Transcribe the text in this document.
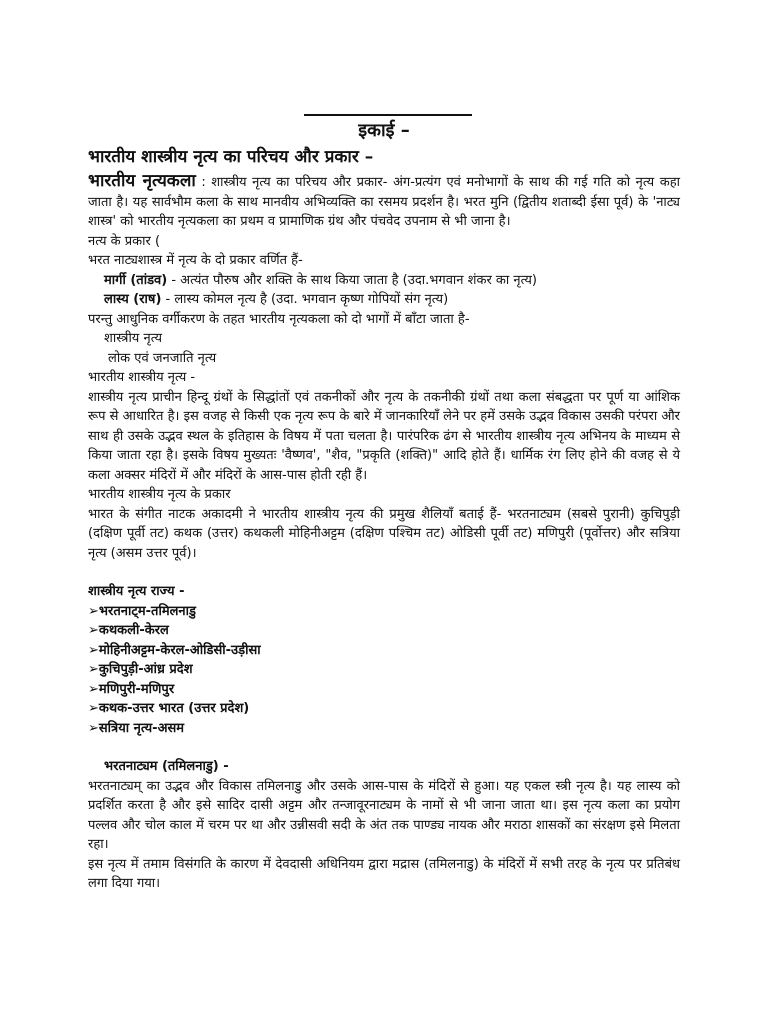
इकाई –
भारतीय शास्त्रीय नृत्य का परिचय और प्रकार –

भारतीय नृत्यकला : शास्त्रीय नृत्य का परिचय और प्रकार- अंग-प्रत्यंग एवं मनोभागों के साथ की गई गति को नृत्य कहा जाता है। यह सार्वभौम कला के साथ मानवीय अभिव्यक्ति का रसमय प्रदर्शन है। भरत मुनि (द्वितीय शताब्दी ईसा पूर्व) के 'नाट्य शास्त्र' को भारतीय नृत्यकला का प्रथम व प्रामाणिक ग्रंथ और पंचवेद उपनाम से भी जाना है।

नत्य के प्रकार (

भरत नाट्यशास्त्र में नृत्य के दो प्रकार वर्णित हैं-

मार्गी (तांडव) - अत्यंत पौरुष और शक्ति के साथ किया जाता है (उदा.भगवान शंकर का नृत्य)

लास्य (राष) - लास्य कोमल नृत्य है (उदा. भगवान कृष्ण गोपियों संग नृत्य)

परन्तु आधुनिक वर्गीकरण के तहत भारतीय नृत्यकला को दो भागों में बाँटा जाता है-

शास्त्रीय नृत्य

लोक एवं जनजाति नृत्य

भारतीय शास्त्रीय नृत्य -

शास्त्रीय नृत्य प्राचीन हिन्दू ग्रंथों के सिद्धांतों एवं तकनीकों और नृत्य के तकनीकी ग्रंथों तथा कला संबद्धता पर पूर्ण या आंशिक रूप से आधारित है। इस वजह से किसी एक नृत्य रूप के बारे में जानकारियाँ लेने पर हमें उसके उद्भव विकास उसकी परंपरा और साथ ही उसके उद्भव स्थल के इतिहास के विषय में पता चलता है। पारंपरिक ढंग से भारतीय शास्त्रीय नृत्य अभिनय के माध्यम से किया जाता रहा है। इसके विषय मुख्यतः 'वैष्णव', "शैव, "प्रकृति (शक्ति)" आदि होते हैं। धार्मिक रंग लिए होने की वजह से ये कला अक्सर मंदिरों में और मंदिरों के आस-पास होती रही हैं।

भारतीय शास्त्रीय नृत्य के प्रकार

भारत के संगीत नाटक अकादमी ने भारतीय शास्त्रीय नृत्य की प्रमुख शैलियाँ बताई हैं- भरतनाट्यम (सबसे पुरानी) कुचिपुड़ी (दक्षिण पूर्वी तट) कथक (उत्तर) कथकली मोहिनीअट्टम (दक्षिण पश्चिम तट) ओडिसी पूर्वी तट) मणिपुरी (पूर्वोत्तर) और सत्रिया नृत्य (असम उत्तर पूर्व)।

शास्त्रीय नृत्य राज्य -

➢भरतनाट्म-तमिलनाडु

➢कथकली-केरल

➢मोहिनीअट्टम-केरल-ओडिसी-उड़ीसा

➢कुचिपुड़ी-आंध्र प्रदेश

➢मणिपुरी-मणिपुर

➢कथक-उत्तर भारत (उत्तर प्रदेश)

➢सत्रिया नृत्य-असम

भरतनाट्यम (तमिलनाडु) -

भरतनाट्यम् का उद्भव और विकास तमिलनाडु और उसके आस-पास के मंदिरों से हुआ। यह एकल स्त्री नृत्य है। यह लास्य को प्रदर्शित करता है और इसे सादिर दासी अट्टम और तन्जावूरनाट्यम के नामों से भी जाना जाता था। इस नृत्य कला का प्रयोग पल्लव और चोल काल में चरम पर था और उन्नीसवी सदी के अंत तक पाण्ड्य नायक और मराठा शासकों का संरक्षण इसे मिलता रहा।

इस नृत्य में तमाम विसंगति के कारण में देवदासी अधिनियम द्वारा मद्रास (तमिलनाडु) के मंदिरों में सभी तरह के नृत्य पर प्रतिबंध लगा दिया गया।
